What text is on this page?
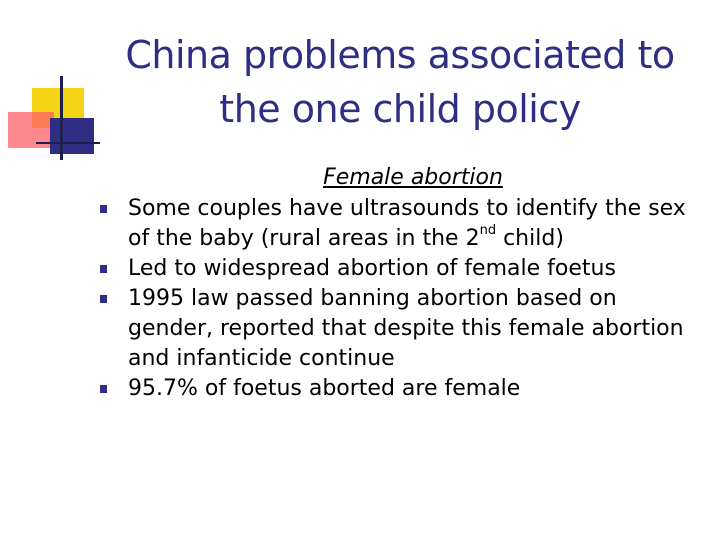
China problems associated to
the one child policy
Female abortion
Some couples have ultrasounds to identify the sex of the baby (rural areas in the 2nd child)
Led to widespread abortion of female foetus
1995 law passed banning abortion based on gender, reported that despite this female abortion and infanticide continue
95.7% of foetus aborted are female
